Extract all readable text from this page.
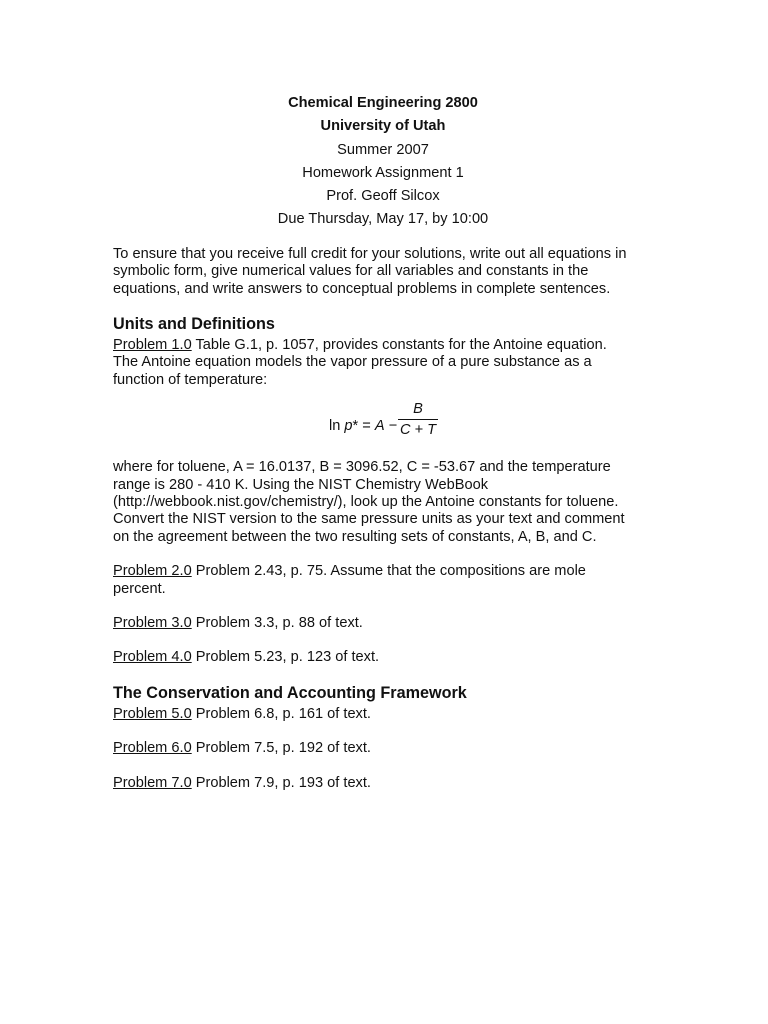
Chemical Engineering 2800
University of Utah
Summer 2007
Homework Assignment 1
Prof. Geoff Silcox
Due Thursday, May 17, by 10:00
To ensure that you receive full credit for your solutions, write out all equations in
symbolic form, give numerical values for all variables and constants in the
equations, and write answers to conceptual problems in complete sentences.
Units and Definitions
Problem 1.0 Table G.1, p. 1057, provides constants for the Antoine equation.
The Antoine equation models the vapor pressure of a pure substance as a
function of temperature:
ln p* = A −
B
C + T
where for toluene, A = 16.0137, B = 3096.52, C = -53.67 and the temperature
range is 280 - 410 K. Using the NIST Chemistry WebBook
(http://webbook.nist.gov/chemistry/), look up the Antoine constants for toluene.
Convert the NIST version to the same pressure units as your text and comment
on the agreement between the two resulting sets of constants, A, B, and C.
Problem 2.0 Problem 2.43, p. 75. Assume that the compositions are mole
percent.
Problem 3.0 Problem 3.3, p. 88 of text.
Problem 4.0 Problem 5.23, p. 123 of text.
The Conservation and Accounting Framework
Problem 5.0 Problem 6.8, p. 161 of text.
Problem 6.0 Problem 7.5, p. 192 of text.
Problem 7.0 Problem 7.9, p. 193 of text.
